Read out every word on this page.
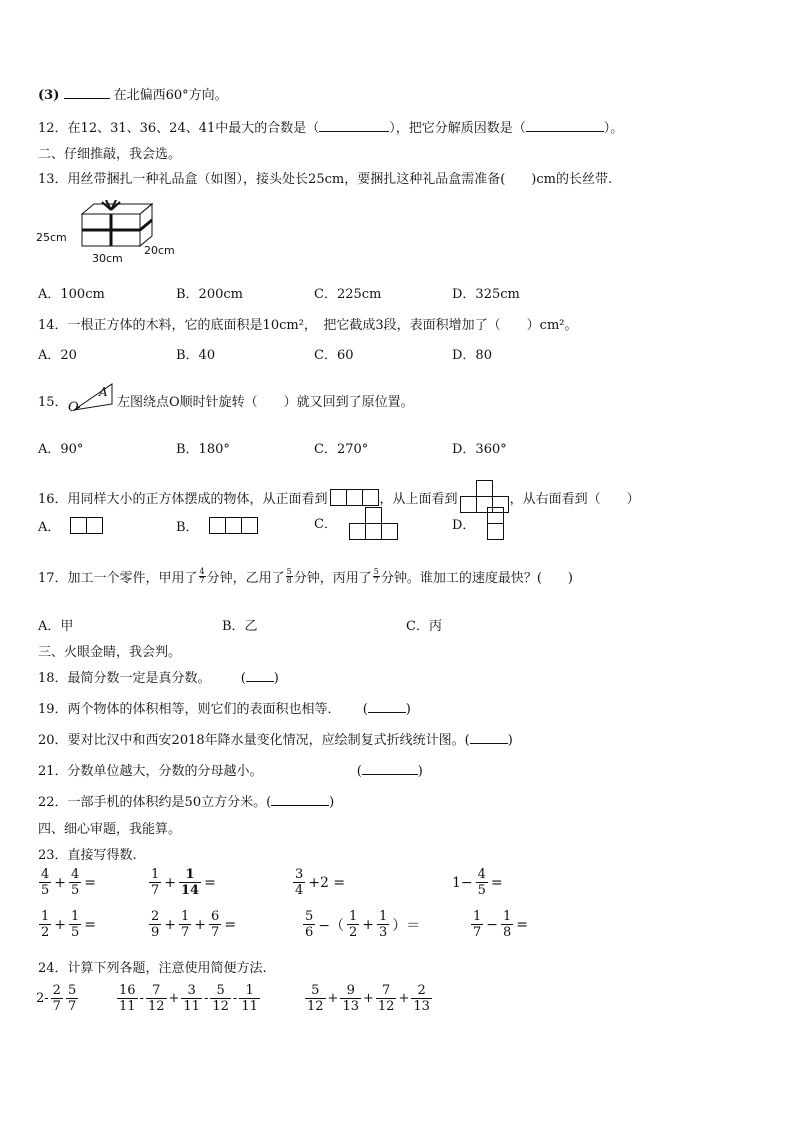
(3)	在北偏西60°方向。
12．在12、31、36、24、41中最大的合数是（	），把它分解质因数是（	）。
二、仔细推敲，我会选。
13．用丝带捆扎一种礼品盒（如图），接头处长25cm，要捆扎这种礼品盒需准备(　　)cm的长丝带.
25cm
30cm
20cm
A．100cm	B．200cm	C．225cm	D．325cm
14．一根正方体的木料，它的底面积是10cm²，　把它截成3段，表面积增加了（　　）cm²。
A．20	B．40	C．60	D．80
15． O
A
左图绕点O顺时针旋转（　　）就又回到了原位置。
A．90°	B．180°	C．270°	D．360°
16．用同样大小的正方体摆成的物体，从正面看到	，从上面看到	，从右面看到（　　）
A．	B．	C．	D．
17．加工一个零件，甲用了 4
7 分钟，乙用了 5
8 分钟，丙用了 5
7 分钟。谁加工的速度最快？(　　)
A．甲	B．乙	C．丙
三、火眼金睛，我会判。
18．最简分数一定是真分数。 ( )
19．两个物体的体积相等，则它们的表面积也相等． (	)
20．要对比汉中和西安2018年降水量变化情况，应绘制复式折线统计图。(	)
21．分数单位越大，分数的分母越小。	(	)
22．一部手机的体积约是50立方分米。(	)
四、细心审题，我能算。
23．直接写得数.
$\frac{4}{5} + \frac{4}{5}$ =	$\frac{1}{7} + \frac{1}{14}$ =	$\frac{3}{4} +2$ =	$1- \frac{4}{5}$ =
$\frac{1}{2} + \frac{1}{5}$ =	$\frac{2}{9} + \frac{1}{7} + \frac{6}{7}$ =	$\frac{5}{6}$ −（ $\frac{1}{2} + \frac{1}{3}$ ）＝	$\frac{1}{7} - \frac{1}{8}$ =
24．计算下列各题，注意使用简便方法.
$2- \frac{2}{7} \frac{5}{7}$	$\frac{16}{11} - \frac{7}{12} + \frac{3}{11} - \frac{5}{12} - \frac{1}{11}$	$\frac{5}{12} + \frac{9}{13} + \frac{7}{12} + \frac{2}{13}$
